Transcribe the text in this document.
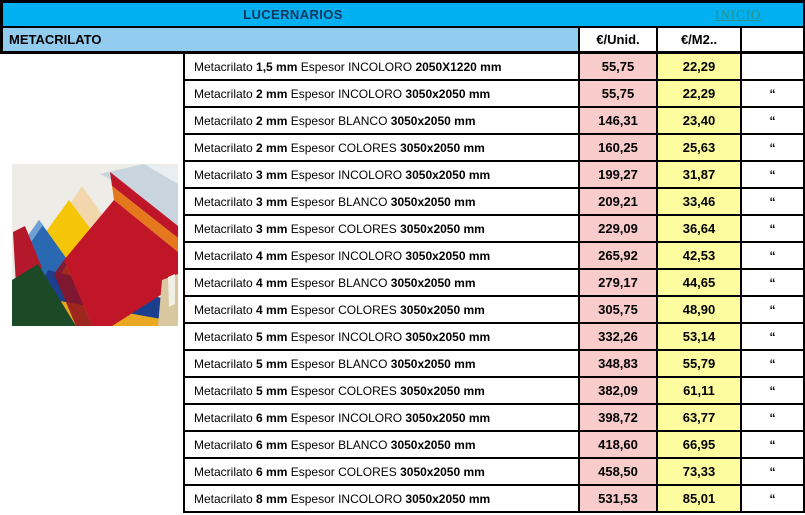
LUCERNARIOS	INICIO
METACRILATO	€/Unid.	€/M2..
Metacrilato 1,5 mm Espesor INCOLORO 2050X1220 mm	55,75	22,29
Metacrilato 2 mm Espesor INCOLORO 3050x2050 mm	55,75	22,29	“
Metacrilato 2 mm Espesor BLANCO 3050x2050 mm	146,31	23,40	“
Metacrilato 2 mm Espesor COLORES 3050x2050 mm	160,25	25,63	“
Metacrilato 3 mm Espesor INCOLORO 3050x2050 mm	199,27	31,87	“
Metacrilato 3 mm Espesor BLANCO 3050x2050 mm	209,21	33,46	“
Metacrilato 3 mm Espesor COLORES 3050x2050 mm	229,09	36,64	“
Metacrilato 4 mm Espesor INCOLORO 3050x2050 mm	265,92	42,53	“
Metacrilato 4 mm Espesor BLANCO 3050x2050 mm	279,17	44,65	“
Metacrilato 4 mm Espesor COLORES 3050x2050 mm	305,75	48,90	“
Metacrilato 5 mm Espesor INCOLORO 3050x2050 mm	332,26	53,14	“
Metacrilato 5 mm Espesor BLANCO 3050x2050 mm	348,83	55,79	“
Metacrilato 5 mm Espesor COLORES 3050x2050 mm	382,09	61,11	“
Metacrilato 6 mm Espesor INCOLORO 3050x2050 mm	398,72	63,77	“
Metacrilato 6 mm Espesor BLANCO 3050x2050 mm	418,60	66,95	“
Metacrilato 6 mm Espesor COLORES 3050x2050 mm	458,50	73,33	“
Metacrilato 8 mm Espesor INCOLORO 3050x2050 mm	531,53	85,01	“
